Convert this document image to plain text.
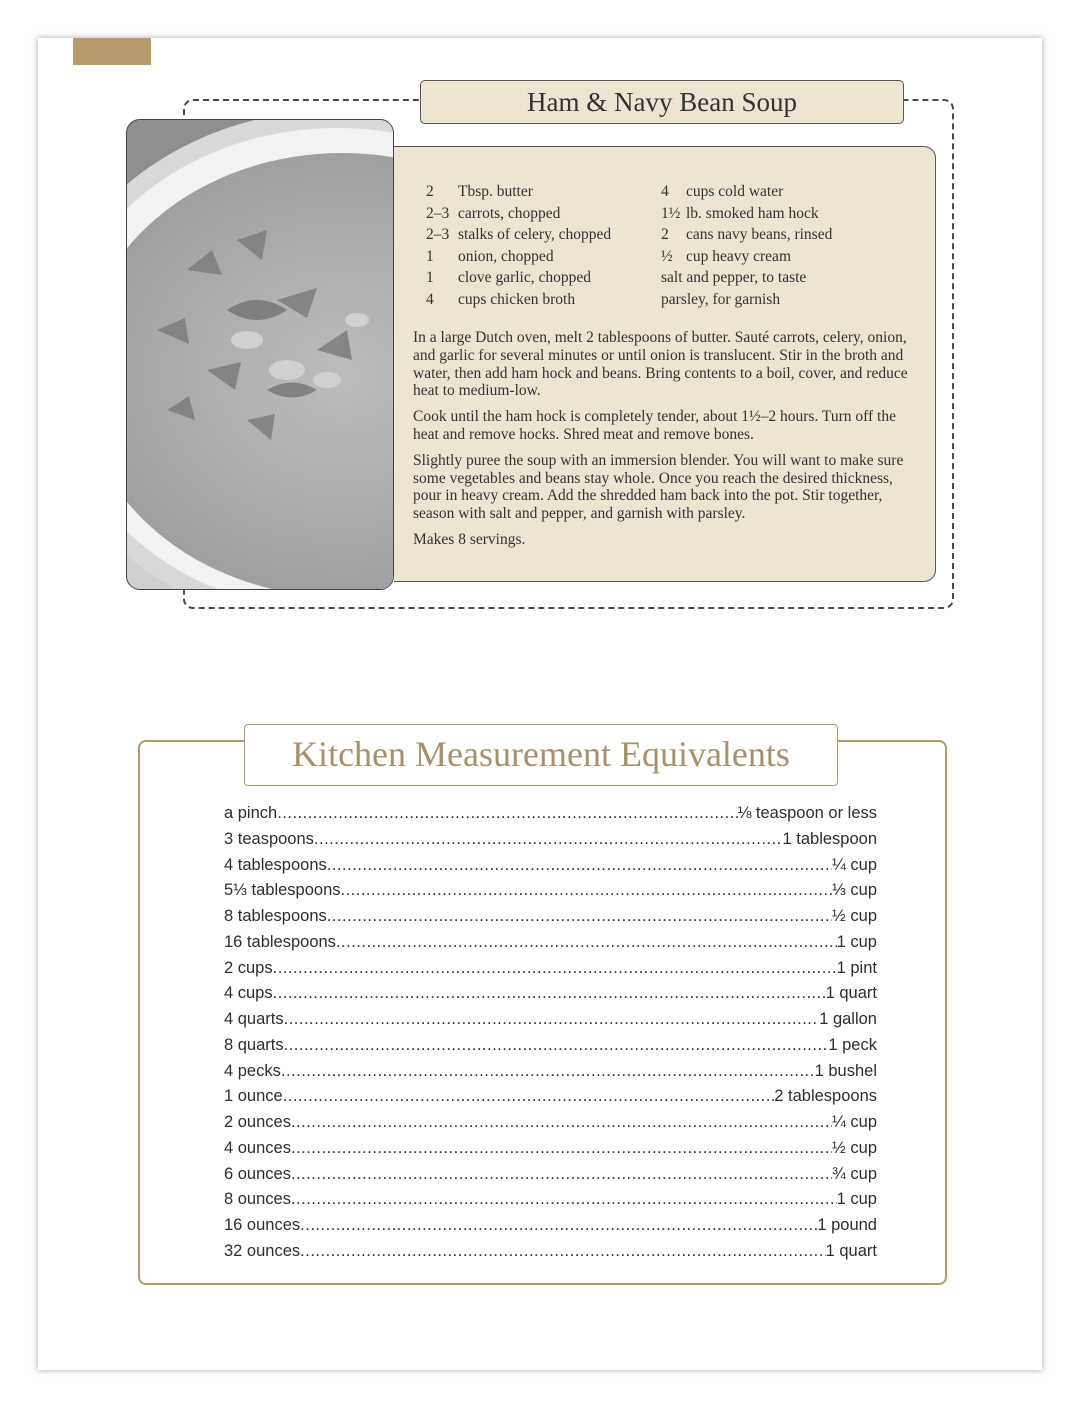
Ham & Navy Bean Soup
2 Tbsp. butter
2–3 carrots, chopped
2–3 stalks of celery, chopped
1 onion, chopped
1 clove garlic, chopped
4 cups chicken broth
4 cups cold water
1½ lb. smoked ham hock
2 cans navy beans, rinsed
½ cup heavy cream
salt and pepper, to taste
parsley, for garnish

In a large Dutch oven, melt 2 tablespoons of butter. Sauté carrots, celery, onion, and garlic for several minutes or until onion is translucent. Stir in the broth and water, then add ham hock and beans. Bring contents to a boil, cover, and reduce heat to medium-low.

Cook until the ham hock is completely tender, about 1½–2 hours. Turn off the heat and remove hocks. Shred meat and remove bones.

Slightly puree the soup with an immersion blender. You will want to make sure some vegetables and beans stay whole. Once you reach the desired thickness, pour in heavy cream. Add the shredded ham back into the pot. Stir together, season with salt and pepper, and garnish with parsley.

Makes 8 servings.

Kitchen Measurement Equivalents
a pinch .....	⅛ teaspoon or less
3 teaspoons .....	1 tablespoon
4 tablespoons .....	¼ cup
5⅓ tablespoons .....	⅓ cup
8 tablespoons .....	½ cup
16 tablespoons .....	1 cup
2 cups .....	1 pint
4 cups .....	1 quart
4 quarts .....	1 gallon
8 quarts .....	1 peck
4 pecks .....	1 bushel
1 ounce .....	2 tablespoons
2 ounces .....	¼ cup
4 ounces .....	½ cup
6 ounces .....	¾ cup
8 ounces .....	1 cup
16 ounces .....	1 pound
32 ounces .....	1 quart
